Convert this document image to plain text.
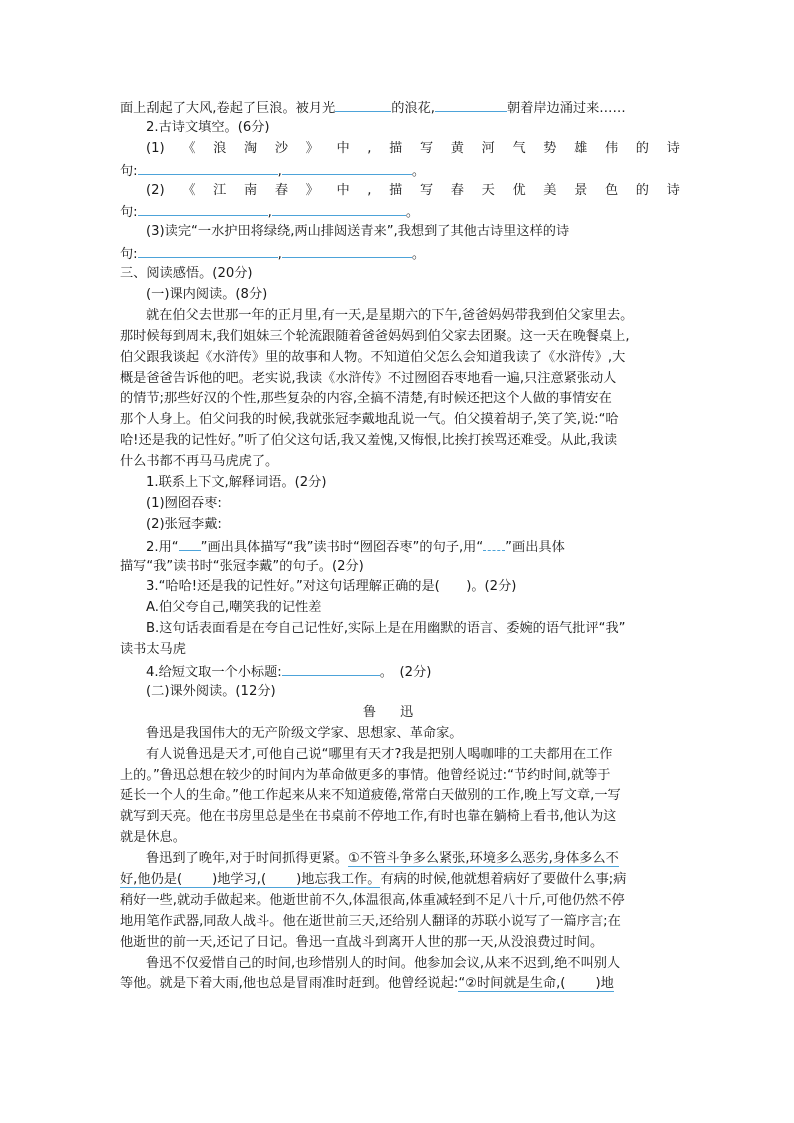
面上刮起了大风,卷起了巨浪。被月光	的浪花,	朝着岸边涌过来……
2.古诗文填空。(6分)
(1) 《 浪 淘 沙 》 中 , 描 写 黄 河 气 势 雄 伟 的 诗
句:	,	。
(2) 《 江 南 春 》 中 , 描 写 春 天 优 美 景 色 的 诗
句:	,	。
(3)读完“一水护田将绿绕,两山排闼送青来”,我想到了其他古诗里这样的诗
句:	,	。
三、阅读感悟。(20分)
(一)课内阅读。(8分)
就在伯父去世那一年的正月里,有一天,是星期六的下午,爸爸妈妈带我到伯父家里去。
那时候每到周末,我们姐妹三个轮流跟随着爸爸妈妈到伯父家去团聚。这一天在晚餐桌上,
伯父跟我谈起《水浒传》里的故事和人物。不知道伯父怎么会知道我读了《水浒传》,大
概是爸爸告诉他的吧。老实说,我读《水浒传》不过囫囵吞枣地看一遍,只注意紧张动人
的情节;那些好汉的个性,那些复杂的内容,全搞不清楚,有时候还把这个人做的事情安在
那个人身上。伯父问我的时候,我就张冠李戴地乱说一气。伯父摸着胡子,笑了笑,说:“哈
哈!还是我的记性好。”听了伯父这句话,我又羞愧,又悔恨,比挨打挨骂还难受。从此,我读
什么书都不再马马虎虎了。
1.联系上下文,解释词语。(2分)
(1)囫囵吞枣:
(2)张冠李戴:
2.用“ ”画出具体描写“我”读书时“囫囵吞枣”的句子,用“ ”画出具体
描写“我”读书时“张冠李戴”的句子。(2分)
3.“哈哈!还是我的记性好。”对这句话理解正确的是(　　)。(2分)
A.伯父夸自己,嘲笑我的记性差
B.这句话表面看是在夸自己记性好,实际上是在用幽默的语言、委婉的语气批评“我”
读书太马虎
4.给短文取一个小标题:	。　(2分)
(二)课外阅读。(12分)
鲁迅
鲁迅是我国伟大的无产阶级文学家、思想家、革命家。
有人说鲁迅是天才,可他自己说“哪里有天才?我是把别人喝咖啡的工夫都用在工作
上的。”鲁迅总想在较少的时间内为革命做更多的事情。他曾经说过:“节约时间,就等于
延长一个人的生命。”他工作起来从来不知道疲倦,常常白天做别的工作,晚上写文章,一写
就写到天亮。他在书房里总是坐在书桌前不停地工作,有时也靠在躺椅上看书,他认为这
就是休息。
鲁迅到了晚年,对于时间抓得更紧。①不管斗争多么紧张,环境多么恶劣,身体多么不
好,他仍是( )地学习,( )地忘我工作。有病的时候,他就想着病好了要做什么事;病
稍好一些,就动手做起来。他逝世前不久,体温很高,体重减轻到不足八十斤,可他仍然不停
地用笔作武器,同敌人战斗。他在逝世前三天,还给别人翻译的苏联小说写了一篇序言;在
他逝世的前一天,还记了日记。鲁迅一直战斗到离开人世的那一天,从没浪费过时间。
鲁迅不仅爱惜自己的时间,也珍惜别人的时间。他参加会议,从来不迟到,绝不叫别人
等他。就是下着大雨,他也总是冒雨准时赶到。他曾经说起:“②时间就是生命,( )地
